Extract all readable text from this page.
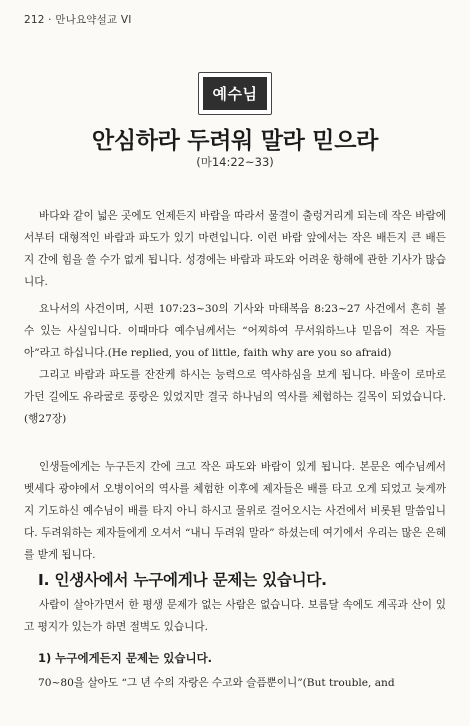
212 · 만나요약설교 VI
예수님
안심하라 두려워 말라 믿으라
(마14:22~33)
바다와 같이 넓은 곳에도 언제든지 바람을 따라서 물결이 출렁거리게 되는데 작은 바람에서부터 대형적인 바람과 파도가 있기 마련입니다. 이런 바람 앞에서는 작은 배든지 큰 배든지 간에 힘을 쓸 수가 없게 됩니다. 성경에는 바람과 파도와 어려운 항해에 관한 기사가 많습니다.
요나서의 사건이며, 시편 107:23~30의 기사와 마태복음 8:23~27 사건에서 흔히 볼 수 있는 사실입니다. 이때마다 예수님께서는 “어찌하여 무서워하느냐 믿음이 적은 자들아”라고 하십니다.(He replied, you of little, faith why are you so afraid)
그리고 바람과 파도를 잔잔케 하시는 능력으로 역사하심을 보게 됩니다. 바울이 로마로 가던 길에도 유라굴로 풍랑은 있었지만 결국 하나님의 역사를 체험하는 길목이 되었습니다.(행27장)
인생들에게는 누구든지 간에 크고 작은 파도와 바람이 있게 됩니다. 본문은 예수님께서 벳세다 광야에서 오병이어의 역사를 체험한 이후에 제자들은 배를 타고 오게 되었고 늦게까지 기도하신 예수님이 배를 타지 아니 하시고 물위로 걸어오시는 사건에서 비롯된 말씀입니다. 두려워하는 제자들에게 오셔서 “내니 두려워 말라” 하셨는데 여기에서 우리는 많은 은혜를 받게 됩니다.
I. 인생사에서 누구에게나 문제는 있습니다.
사람이 살아가면서 한 평생 문제가 없는 사람은 없습니다. 보름달 속에도 계곡과 산이 있고 평지가 있는가 하면 절벽도 있습니다.
1) 누구에게든지 문제는 있습니다.
70~80을 살아도 “그 년 수의 자랑은 수고와 슬픔뿐이니”(But trouble, and
